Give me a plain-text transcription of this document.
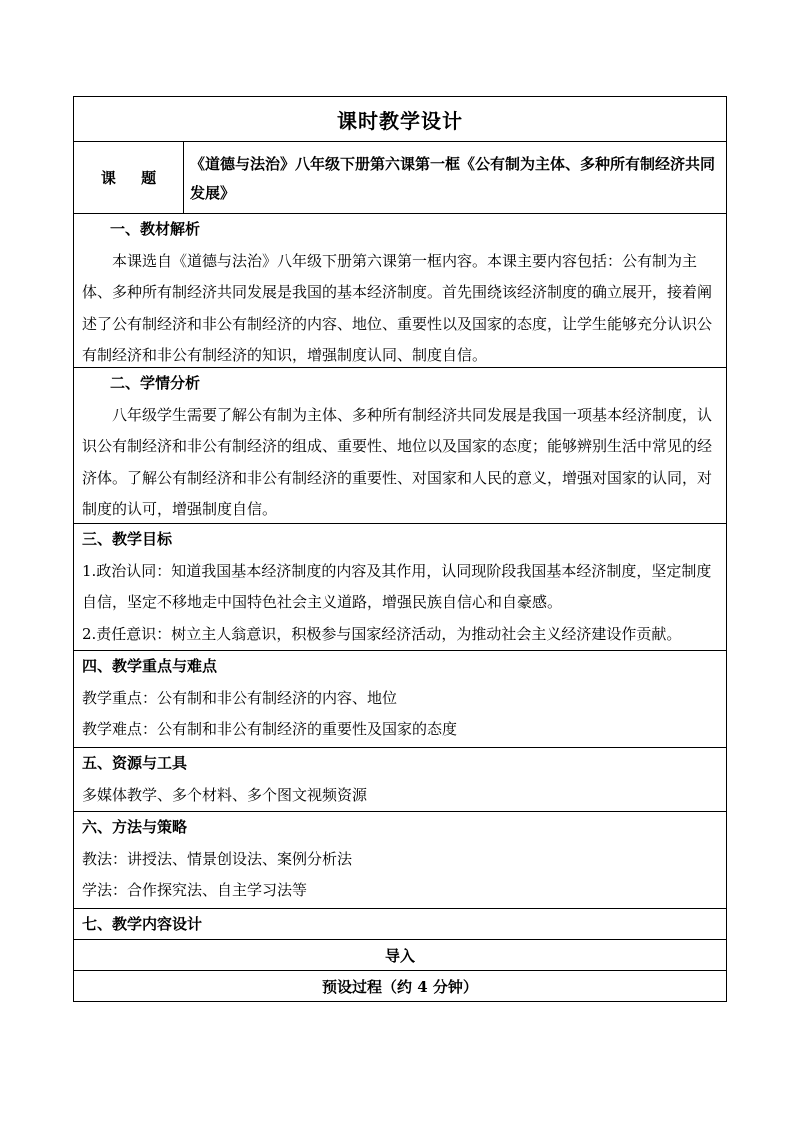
课时教学设计
课 题
《道德与法治》八年级下册第六课第一框《公有制为主体、多种所有制经济共同发展》
一、教材解析

本课选自《道德与法治》八年级下册第六课第一框内容。本课主要内容包括：公有制为主体、多种所有制经济共同发展是我国的基本经济制度。首先围绕该经济制度的确立展开，接着阐述了公有制经济和非公有制经济的内容、地位、重要性以及国家的态度，让学生能够充分认识公有制经济和非公有制经济的知识，增强制度认同、制度自信。

二、学情分析

八年级学生需要了解公有制为主体、多种所有制经济共同发展是我国一项基本经济制度，认识公有制经济和非公有制经济的组成、重要性、地位以及国家的态度；能够辨别生活中常见的经济体。了解公有制经济和非公有制经济的重要性、对国家和人民的意义，增强对国家的认同，对制度的认可，增强制度自信。

三、教学目标
1.政治认同：知道我国基本经济制度的内容及其作用，认同现阶段我国基本经济制度，坚定制度自信，坚定不移地走中国特色社会主义道路，增强民族自信心和自豪感。
2.责任意识：树立主人翁意识，积极参与国家经济活动，为推动社会主义经济建设作贡献。
四、教学重点与难点
教学重点：公有制和非公有制经济的内容、地位
教学难点：公有制和非公有制经济的重要性及国家的态度
五、资源与工具
多媒体教学、多个材料、多个图文视频资源
六、方法与策略
教法：讲授法、情景创设法、案例分析法
学法：合作探究法、自主学习法等
七、教学内容设计
导入
预设过程（约 4 分钟）
